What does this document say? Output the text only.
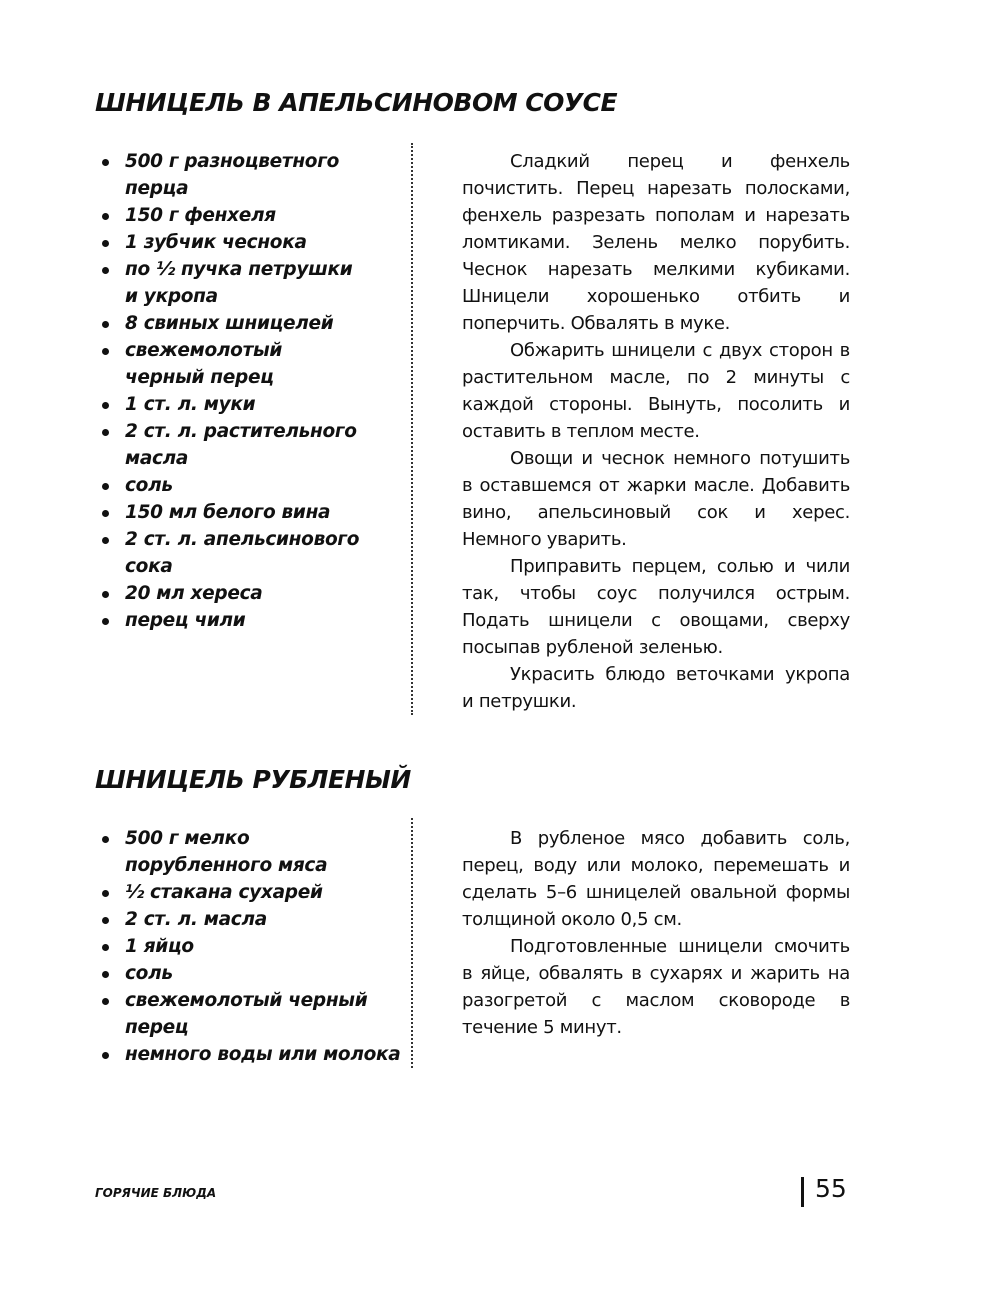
ШНИЦЕЛЬ В АПЕЛЬСИНОВОМ СОУСЕ
500 г разноцветного
перца
150 г фенхеля
1 зубчик чеснока
по ½ пучка петрушки
и укропа
8 свиных шницелей
свежемолотый
черный перец
1 ст. л. муки
2 ст. л. растительного
масла
соль
150 мл белого вина
2 ст. л. апельсинового
сока
20 мл хереса
перец чили

Сладкий перец и фенхель почистить. Перец нарезать полосками, фенхель разрезать пополам и нарезать ломтиками. Зелень мелко порубить. Чеснок нарезать мелкими кубиками. Шницели хорошенько отбить и поперчить. Обвалять в муке.

Обжарить шницели с двух сторон в растительном масле, по 2 минуты с каждой стороны. Вынуть, посолить и оставить в теплом месте.

Овощи и чеснок немного потушить в оставшемся от жарки масле. Добавить вино, апельсиновый сок и херес. Немного уварить.

Приправить перцем, солью и чили так, чтобы соус получился острым. Подать шницели с овощами, сверху посыпав рубленой зеленью.

Украсить блюдо веточками укропа и петрушки.

ШНИЦЕЛЬ РУБЛЕНЫЙ
500 г мелко
порубленного мяса
½ стакана сухарей
2 ст. л. масла
1 яйцо
соль
свежемолотый черный
перец
немного воды или молока

В рубленое мясо добавить соль, перец, воду или молоко, перемешать и сделать 5–6 шницелей овальной формы толщиной около 0,5 см.

Подготовленные шницели смочить в яйце, обвалять в сухарях и жарить на разогретой с маслом сковороде в течение 5 минут.

ГОРЯЧИЕ БЛЮДА	55
